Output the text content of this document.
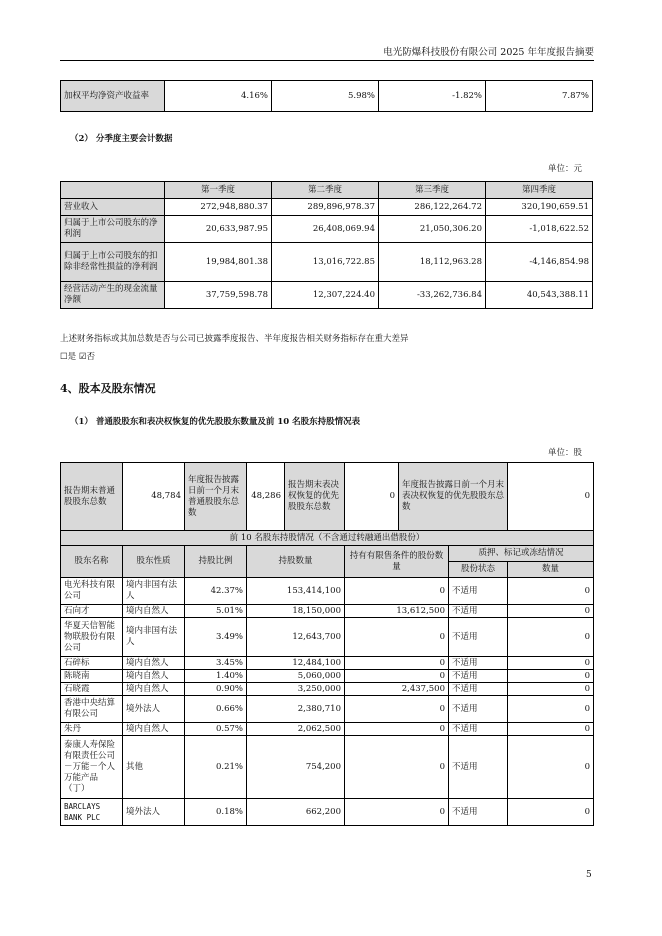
电光防爆科技股份有限公司 2025 年年度报告摘要
加权平均净资产收益率	4.16%	5.98%	-1.82%	7.87%
（2） 分季度主要会计数据
单位：元
	第一季度	第二季度	第三季度	第四季度
营业收入	272,948,880.37	289,896,978.37	286,122,264.72	320,190,659.51
归属于上市公司股东的净利润	20,633,987.95	26,408,069.94	21,050,306.20	-1,018,622.52
归属于上市公司股东的扣除非经常性损益的净利润	19,984,801.38	13,016,722.85	18,112,963.28	-4,146,854.98
经营活动产生的现金流量净额	37,759,598.78	12,307,224.40	-33,262,736.84	40,543,388.11
上述财务指标或其加总数是否与公司已披露季度报告、半年度报告相关财务指标存在重大差异
☐是 ☑否
4、股本及股东情况
（1） 普通股股东和表决权恢复的优先股股东数量及前 10 名股东持股情况表
单位：股
报告期末普通股股东总数	48,784	年度报告披露日前一个月末普通股股东总数	48,286	报告期末表决权恢复的优先股股东总数	0	年度报告披露日前一个月末表决权恢复的优先股股东总数		0
前 10 名股东持股情况（不含通过转融通出借股份）								
股东名称	股东性质	持股比例	持股数量		持有有限售条件的股份数量		质押、标记或冻结情况	
							股份状态	数量
电光科技有限公司	境内非国有法人	42.37%	153,414,100		0		不适用	0
石向才	境内自然人	5.01%	18,150,000		13,612,500		不适用	0
华夏天信智能物联股份有限公司	境内非国有法人	3.49%	12,643,700		0		不适用	0
石碎标	境内自然人	3.45%	12,484,100		0		不适用	0
陈晓南	境内自然人	1.40%	5,060,000		0		不适用	0
石晓霞	境内自然人	0.90%	3,250,000		2,437,500		不适用	0
香港中央结算有限公司	境外法人	0.66%	2,380,710		0		不适用	0
朱丹	境内自然人	0.57%	2,062,500		0		不适用	0
泰康人寿保险有限责任公司－万能－个人万能产品（丁）	其他	0.21%	754,200		0		不适用	0
BARCLAYS BANK PLC	境外法人	0.18%	662,200		0		不适用	0
5
